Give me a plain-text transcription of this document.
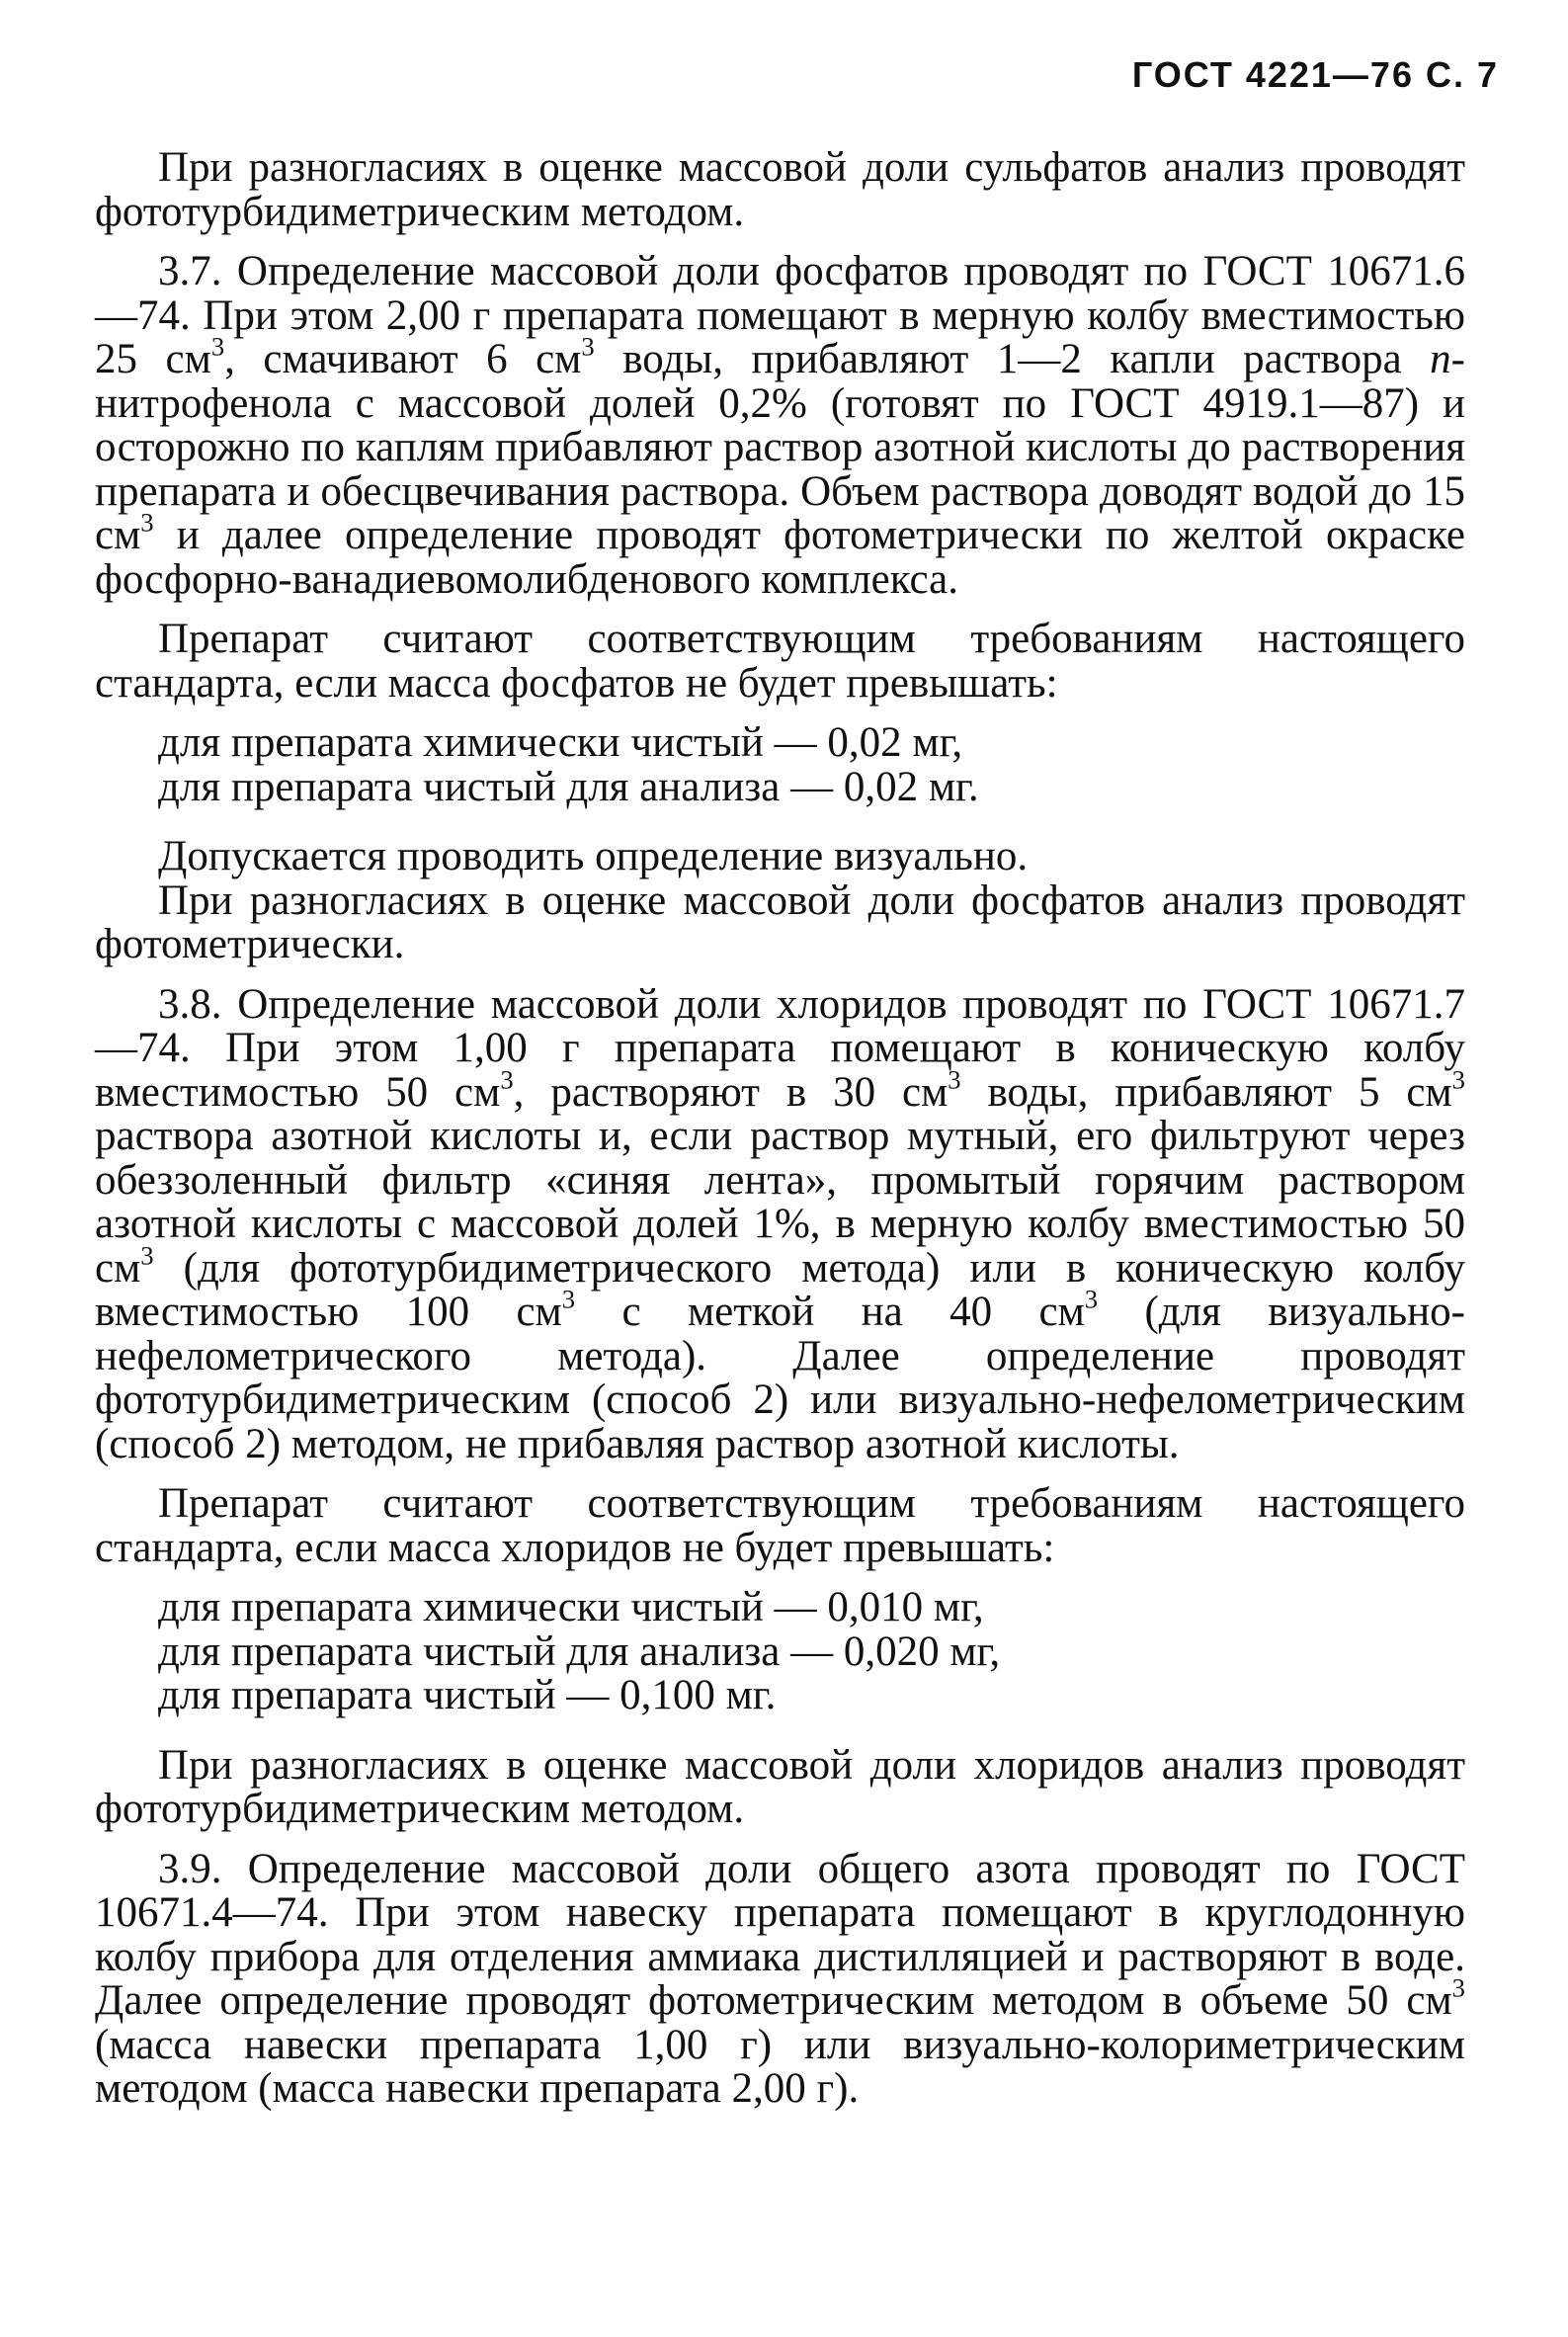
ГОСТ 4221—76 С. 7

При разногласиях в оценке массовой доли сульфатов анализ проводят фототурбидиметрическим методом.

3.7. Определение массовой доли фосфатов проводят по ГОСТ 10671.6—74. При этом 2,00 г препарата помещают в мерную колбу вместимостью 25 $см^3$, смачивают 6 $см^3$ воды, прибавляют 1—2 капли раствора п-нитрофенола с массовой долей 0,2% (готовят по ГОСТ 4919.1—87) и осторожно по каплям прибавляют раствор азотной кислоты до растворения препарата и обесцвечивания раствора. Объем раствора доводят водой до 15 $см^3$ и далее определение проводят фотометрически по желтой окраске фосфорно-ванадиевомолибденового комплекса.

Препарат считают соответствующим требованиям настоящего стандарта, если масса фосфатов не будет превышать:

для препарата химически чистый — 0,02 мг,
для препарата чистый для анализа — 0,02 мг.

Допускается проводить определение визуально.

При разногласиях в оценке массовой доли фосфатов анализ проводят фотометрически.

3.8. Определение массовой доли хлоридов проводят по ГОСТ 10671.7—74. При этом 1,00 г препарата помещают в коническую колбу вместимостью 50 $см^3$, растворяют в 30 $см^3$ воды, прибавляют 5 $см^3$ раствора азотной кислоты и, если раствор мутный, его фильтруют через обеззоленный фильтр «синяя лента», промытый горячим раствором азотной кислоты с массовой долей 1%, в мерную колбу вместимостью 50 $см^3$ (для фототурбидиметрического метода) или в коническую колбу вместимостью 100 $см^3$ с меткой на 40 $см^3$ (для визуально-нефелометрического метода). Далее определение проводят фототурбидиметрическим (способ 2) или визуально-нефелометрическим (способ 2) методом, не прибавляя раствор азотной кислоты.

Препарат считают соответствующим требованиям настоящего стандарта, если масса хлоридов не будет превышать:

для препарата химически чистый — 0,010 мг,
для препарата чистый для анализа — 0,020 мг,
для препарата чистый — 0,100 мг.

При разногласиях в оценке массовой доли хлоридов анализ проводят фототурбидиметрическим методом.

3.9. Определение массовой доли общего азота проводят по ГОСТ 10671.4—74. При этом навеску препарата помещают в круглодонную колбу прибора для отделения аммиака дистилляцией и растворяют в воде. Далее определение проводят фотометрическим методом в объеме 50 $см^3$ (масса навески препарата 1,00 г) или визуально-колориметрическим методом (масса навески препарата 2,00 г).
